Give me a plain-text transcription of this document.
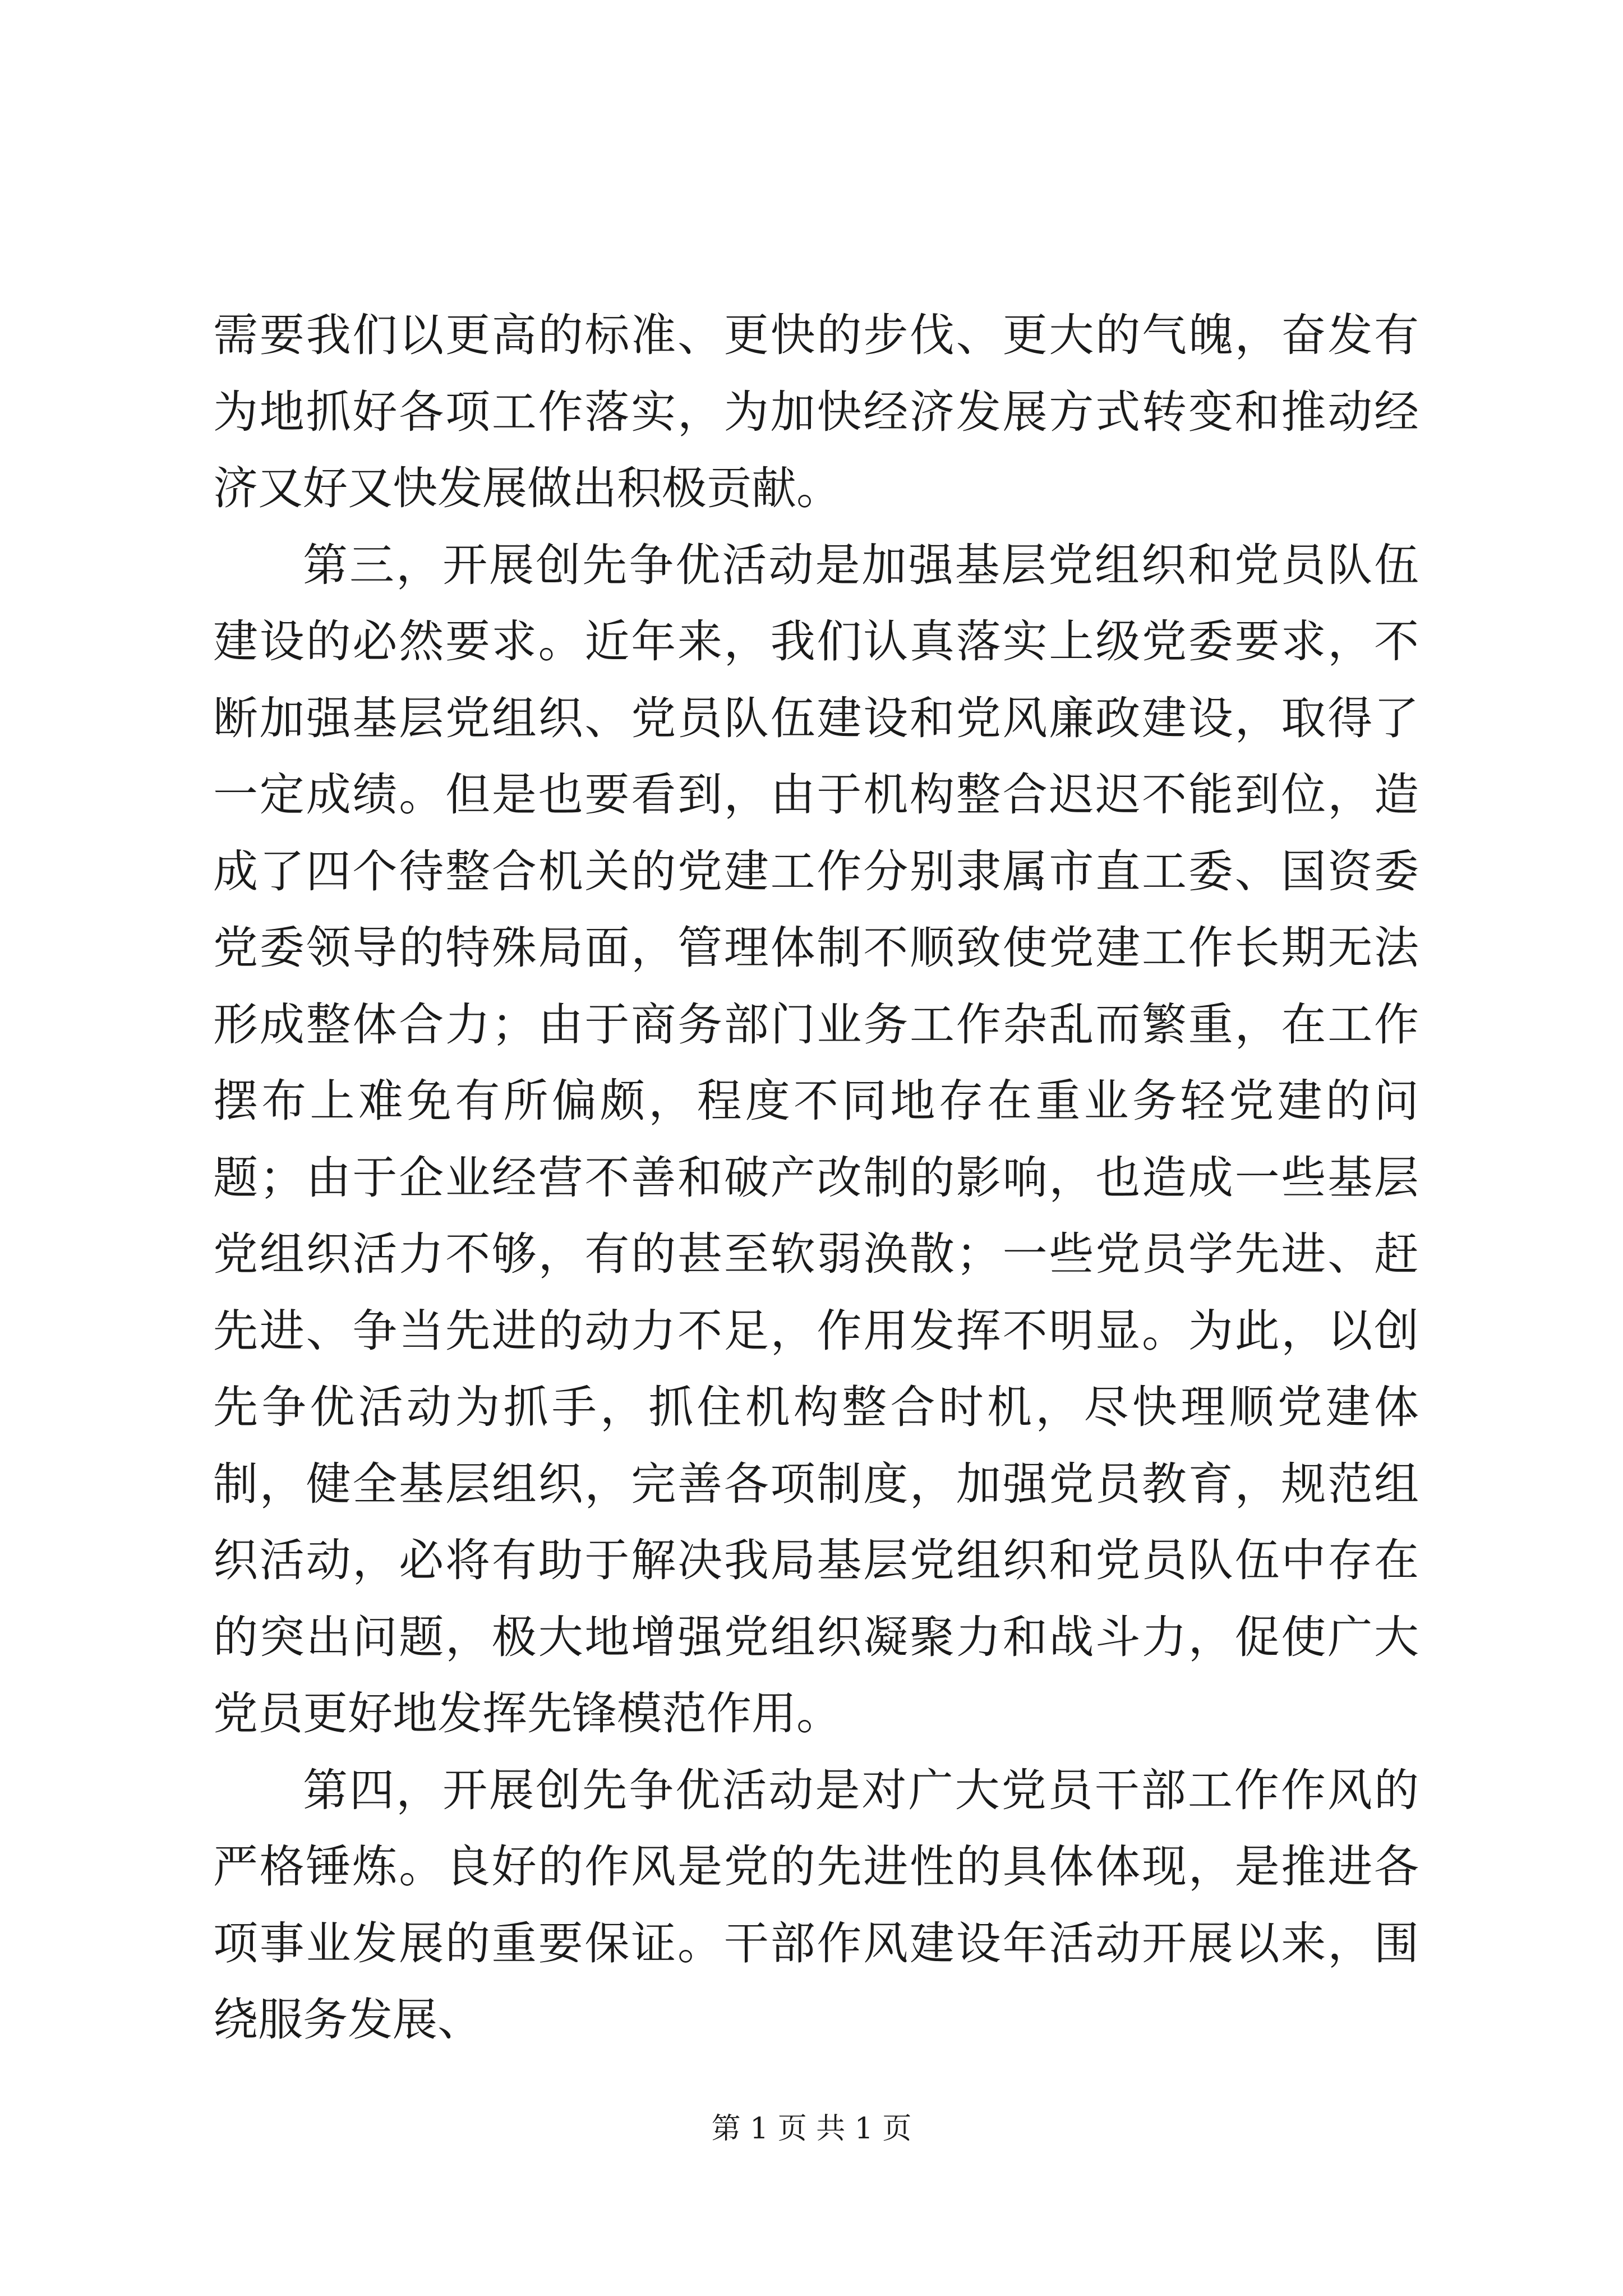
需要我们以更高的标准、更快的步伐、更大的气魄，奋发有为地抓好各项工作落实，为加快经济发展方式转变和推动经济又好又快发展做出积极贡献。

第三，开展创先争优活动是加强基层党组织和党员队伍建设的必然要求。近年来，我们认真落实上级党委要求，不断加强基层党组织、党员队伍建设和党风廉政建设，取得了一定成绩。但是也要看到，由于机构整合迟迟不能到位，造成了四个待整合机关的党建工作分别隶属市直工委、国资委党委领导的特殊局面，管理体制不顺致使党建工作长期无法形成整体合力；由于商务部门业务工作杂乱而繁重，在工作摆布上难免有所偏颇，程度不同地存在重业务轻党建的问题；由于企业经营不善和破产改制的影响，也造成一些基层党组织活力不够，有的甚至软弱涣散；一些党员学先进、赶先进、争当先进的动力不足，作用发挥不明显。为此，以创先争优活动为抓手，抓住机构整合时机，尽快理顺党建体制，健全基层组织，完善各项制度，加强党员教育，规范组织活动，必将有助于解决我局基层党组织和党员队伍中存在的突出问题，极大地增强党组织凝聚力和战斗力，促使广大党员更好地发挥先锋模范作用。

第四，开展创先争优活动是对广大党员干部工作作风的严格锤炼。良好的作风是党的先进性的具体体现，是推进各项事业发展的重要保证。干部作风建设年活动开展以来，围绕服务发展、

第 1 页 共 1 页
